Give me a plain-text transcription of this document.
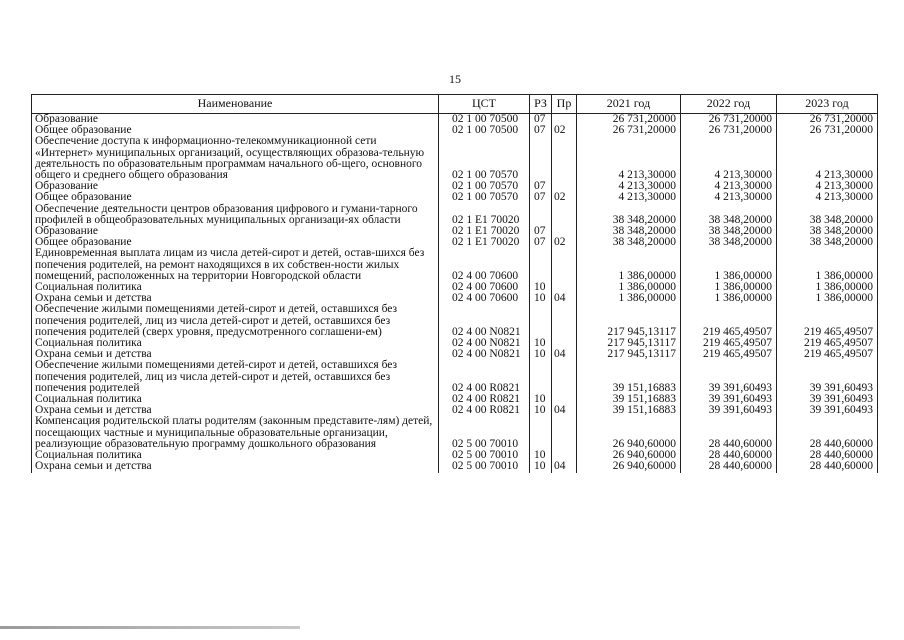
15
Наименование	ЦСТ	РЗ	Пр	2021 год	2022 год	2023 год
Образование	02 1 00 70500	07		26 731,20000	26 731,20000	26 731,20000
Общее образование	02 1 00 70500	07	02	26 731,20000	26 731,20000	26 731,20000
Обеспечение доступа к информационно-телекоммуникационной сети «Интернет» муниципальных организаций, осуществляющих образова-тельную деятельность по образовательным программам начального об-щего, основного общего и среднего общего образования	02 1 00 70570			4 213,30000	4 213,30000	4 213,30000
Образование	02 1 00 70570	07		4 213,30000	4 213,30000	4 213,30000
Общее образование	02 1 00 70570	07	02	4 213,30000	4 213,30000	4 213,30000
Обеспечение деятельности центров образования цифрового и гумани-тарного профилей в общеобразовательных муниципальных организаци-ях области	02 1 E1 70020			38 348,20000	38 348,20000	38 348,20000
Образование	02 1 E1 70020	07		38 348,20000	38 348,20000	38 348,20000
Общее образование	02 1 E1 70020	07	02	38 348,20000	38 348,20000	38 348,20000
Единовременная выплата лицам из числа детей-сирот и детей, остав-шихся без попечения родителей, на ремонт находящихся в их собствен-ности жилых помещений, расположенных на территории Новгородской области	02 4 00 70600			1 386,00000	1 386,00000	1 386,00000
Социальная политика	02 4 00 70600	10		1 386,00000	1 386,00000	1 386,00000
Охрана семьи и детства	02 4 00 70600	10	04	1 386,00000	1 386,00000	1 386,00000
Обеспечение жилыми помещениями детей-сирот и детей, оставшихся без попечения родителей, лиц из числа детей-сирот и детей, оставшихся без попечения родителей (сверх уровня, предусмотренного соглашени-ем)	02 4 00 N0821			217 945,13117	219 465,49507	219 465,49507
Социальная политика	02 4 00 N0821	10		217 945,13117	219 465,49507	219 465,49507
Охрана семьи и детства	02 4 00 N0821	10	04	217 945,13117	219 465,49507	219 465,49507
Обеспечение жилыми помещениями детей-сирот и детей, оставшихся без попечения родителей, лиц из числа детей-сирот и детей, оставшихся без попечения родителей	02 4 00 R0821			39 151,16883	39 391,60493	39 391,60493
Социальная политика	02 4 00 R0821	10		39 151,16883	39 391,60493	39 391,60493
Охрана семьи и детства	02 4 00 R0821	10	04	39 151,16883	39 391,60493	39 391,60493
Компенсация родительской платы родителям (законным представите-лям) детей, посещающих частные и муниципальные образовательные организации, реализующие образовательную программу дошкольного образования	02 5 00 70010			26 940,60000	28 440,60000	28 440,60000
Социальная политика	02 5 00 70010	10		26 940,60000	28 440,60000	28 440,60000
Охрана семьи и детства	02 5 00 70010	10	04	26 940,60000	28 440,60000	28 440,60000
